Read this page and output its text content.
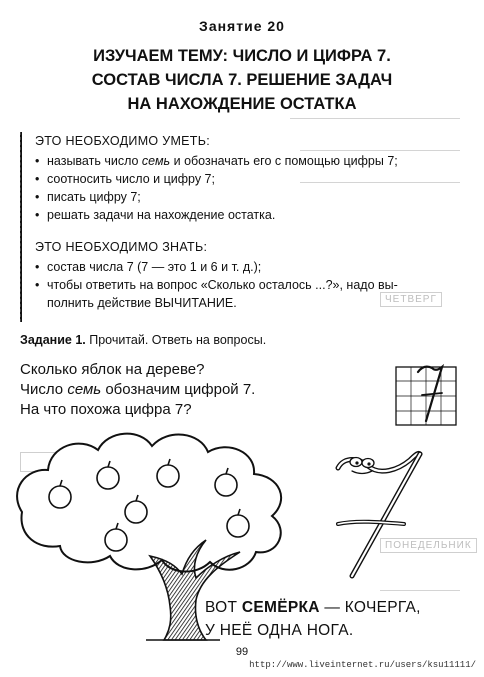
ЧЕТВЕРГ
ПОНЕДЕЛЬНИК
Занятие 20
ИЗУЧАЕМ ТЕМУ: ЧИСЛО И ЦИФРА 7.
СОСТАВ ЧИСЛА 7. РЕШЕНИЕ ЗАДАЧ
НА НАХОЖДЕНИЕ ОСТАТКА
ЭТО НЕОБХОДИМО УМЕТЬ:
• называть число семь и обозначать его с помощью цифры 7;
• соотносить число и цифру 7;
• писать цифру 7;
• решать задачи на нахождение остатка.
ЭТО НЕОБХОДИМО ЗНАТЬ:
• состав числа 7 (7 — это 1 и 6 и т. д.);
• чтобы ответить на вопрос «Сколько осталось ...?», надо вы-
полнить действие ВЫЧИТАНИЕ.
Задание 1. Прочитай. Ответь на вопросы.
Сколько яблок на дереве?
Число семь обозначим цифрой 7.
На что похожа цифра 7?
ВОТ СЕМЁРКА — КОЧЕРГА,
У НЕЁ ОДНА НОГА.
99
http://www.liveinternet.ru/users/ksu11111/
